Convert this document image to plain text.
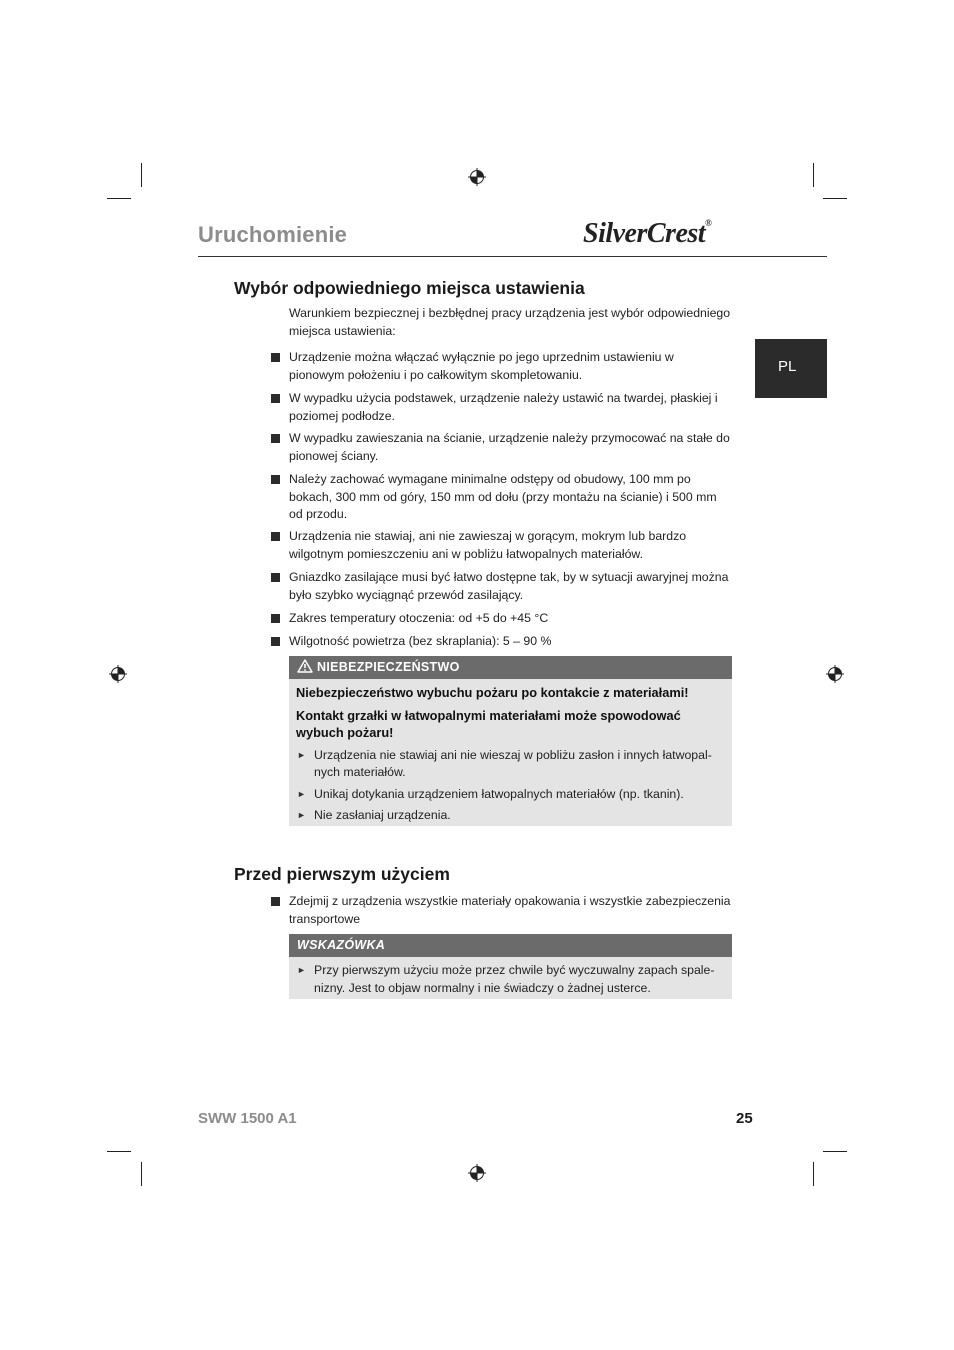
Uruchomienie	SilverCrest®
PL
Wybór odpowiedniego miejsca ustawienia
Warunkiem bezpiecznej i bezbłędnej pracy urządzenia jest wybór odpowiedniego miejsca ustawienia:
Urządzenie można włączać wyłącznie po jego uprzednim ustawieniu w pionowym położeniu i po całkowitym skompletowaniu.
W wypadku użycia podstawek, urządzenie należy ustawić na twardej, płaskiej i poziomej podłodze.
W wypadku zawieszania na ścianie, urządzenie należy przymocować na stałe do pionowej ściany.
Należy zachować wymagane minimalne odstępy od obudowy, 100 mm po bokach, 300 mm od góry, 150 mm od dołu (przy montażu na ścianie) i 500 mm od przodu.
Urządzenia nie stawiaj, ani nie zawieszaj w gorącym, mokrym lub bardzo wilgotnym pomieszczeniu ani w pobliżu łatwopalnych materiałów.
Gniazdko zasilające musi być łatwo dostępne tak, by w sytuacji awaryjnej można było szybko wyciągnąć przewód zasilający.
Zakres temperatury otoczenia: od +5 do +45 °C
Wilgotność powietrza (bez skraplania): 5 – 90 %
NIEBEZPIECZEŃSTWO
Niebezpieczeństwo wybuchu pożaru po kontakcie z materiałami!
Kontakt grzałki w łatwopalnymi materiałami może spowodować wybuch pożaru!
► Urządzenia nie stawiaj ani nie wieszaj w pobliżu zasłon i innych łatwopal-nych materiałów.
► Unikaj dotykania urządzeniem łatwopalnych materiałów (np. tkanin).
► Nie zasłaniaj urządzenia.
Przed pierwszym użyciem
Zdejmij z urządzenia wszystkie materiały opakowania i wszystkie zabezpieczenia transportowe
WSKAZÓWKA
► Przy pierwszym użyciu może przez chwile być wyczuwalny zapach spale-nizny. Jest to objaw normalny i nie świadczy o żadnej usterce.
SWW 1500 A1	25
